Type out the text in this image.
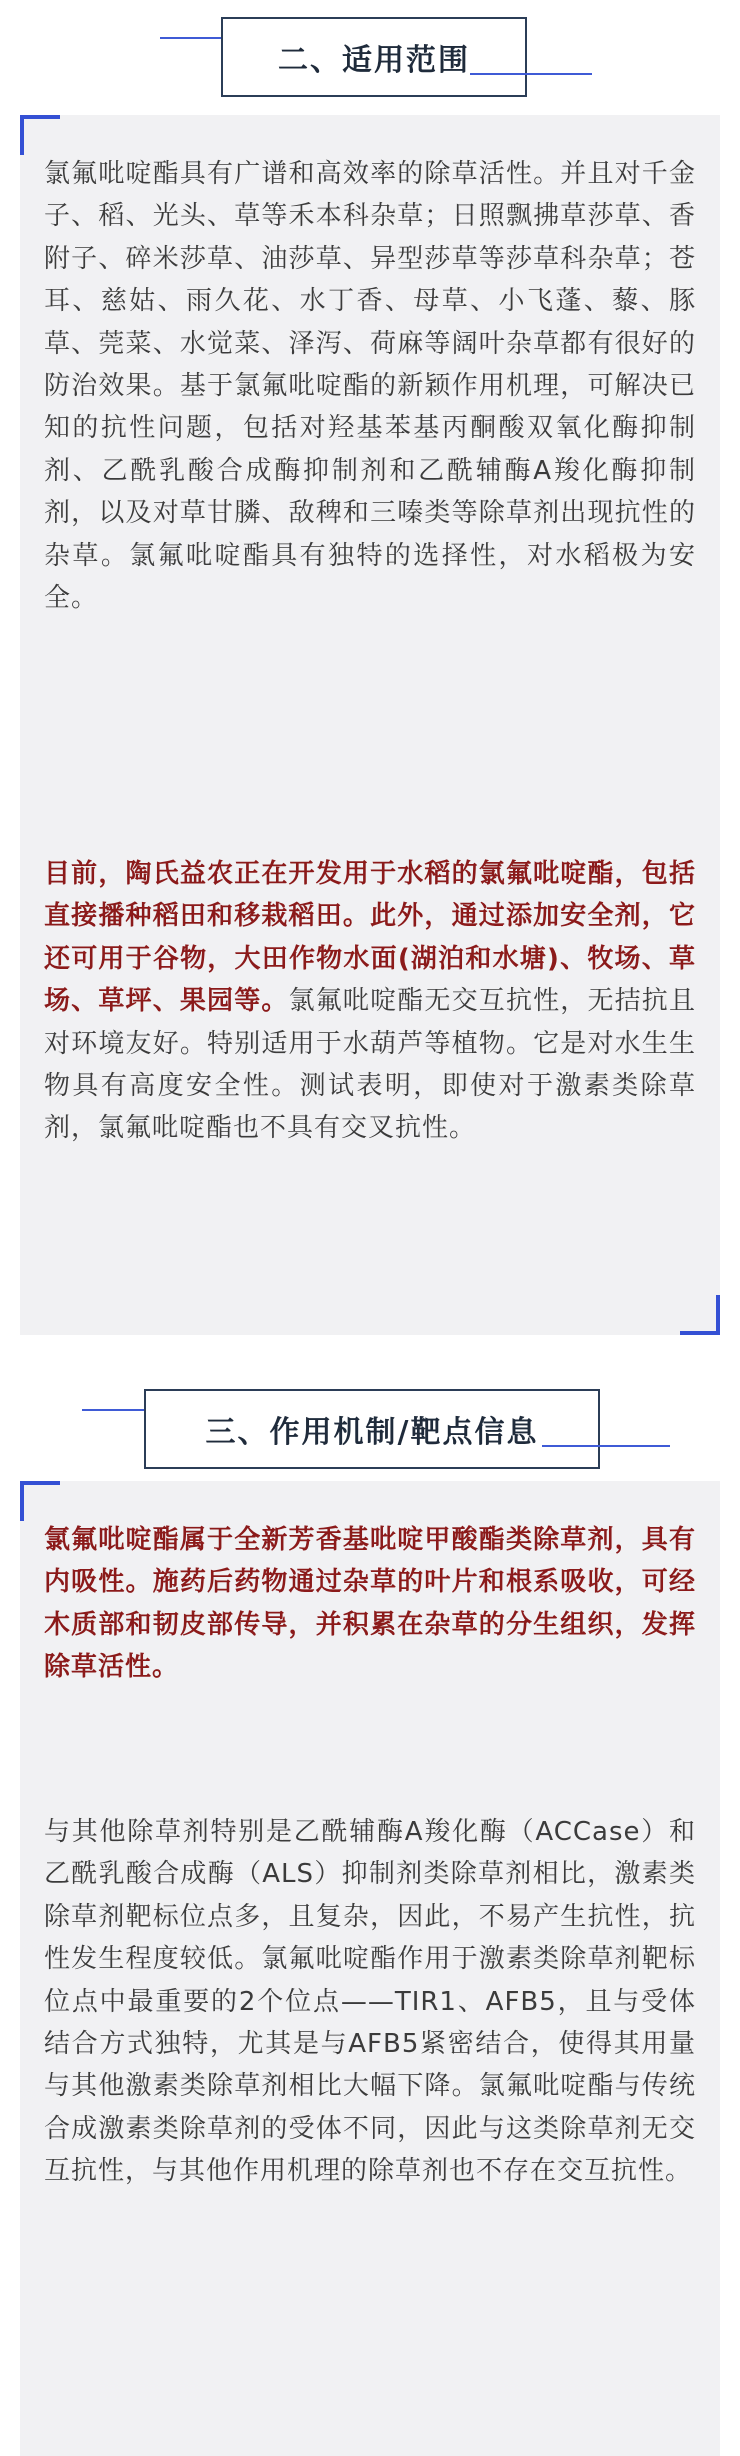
二、适用范围

氯氟吡啶酯具有广谱和高效率的除草活性。并且对千金子、稻、光头、草等禾本科杂草；日照飘拂草莎草、香附子、碎米莎草、油莎草、异型莎草等莎草科杂草；苍耳、慈姑、雨久花、水丁香、母草、小飞蓬、藜、豚草、莞菜、水觉菜、泽泻、荷麻等阔叶杂草都有很好的防治效果。基于氯氟吡啶酯的新颖作用机理，可解决已知的抗性问题，包括对羟基苯基丙酮酸双氧化酶抑制剂、乙酰乳酸合成酶抑制剂和乙酰辅酶A羧化酶抑制剂，以及对草甘膦、敌稗和三嗪类等除草剂出现抗性的杂草。氯氟吡啶酯具有独特的选择性，对水稻极为安全。

目前，陶氏益农正在开发用于水稻的氯氟吡啶酯，包括直接播种稻田和移栽稻田。此外，通过添加安全剂，它还可用于谷物，大田作物水面(湖泊和水塘)、牧场、草场、草坪、果园等。氯氟吡啶酯无交互抗性，无拮抗且对环境友好。特别适用于水葫芦等植物。它是对水生生物具有高度安全性。测试表明，即使对于激素类除草剂，氯氟吡啶酯也不具有交叉抗性。

三、作用机制/靶点信息

氯氟吡啶酯属于全新芳香基吡啶甲酸酯类除草剂，具有内吸性。施药后药物通过杂草的叶片和根系吸收，可经木质部和韧皮部传导，并积累在杂草的分生组织，发挥除草活性。

与其他除草剂特别是乙酰辅酶A羧化酶（ACCase）和乙酰乳酸合成酶（ALS）抑制剂类除草剂相比，激素类除草剂靶标位点多，且复杂，因此，不易产生抗性，抗性发生程度较低。氯氟吡啶酯作用于激素类除草剂靶标位点中最重要的2个位点——TIR1、AFB5，且与受体结合方式独特，尤其是与AFB5紧密结合，使得其用量与其他激素类除草剂相比大幅下降。氯氟吡啶酯与传统合成激素类除草剂的受体不同，因此与这类除草剂无交互抗性，与其他作用机理的除草剂也不存在交互抗性。
